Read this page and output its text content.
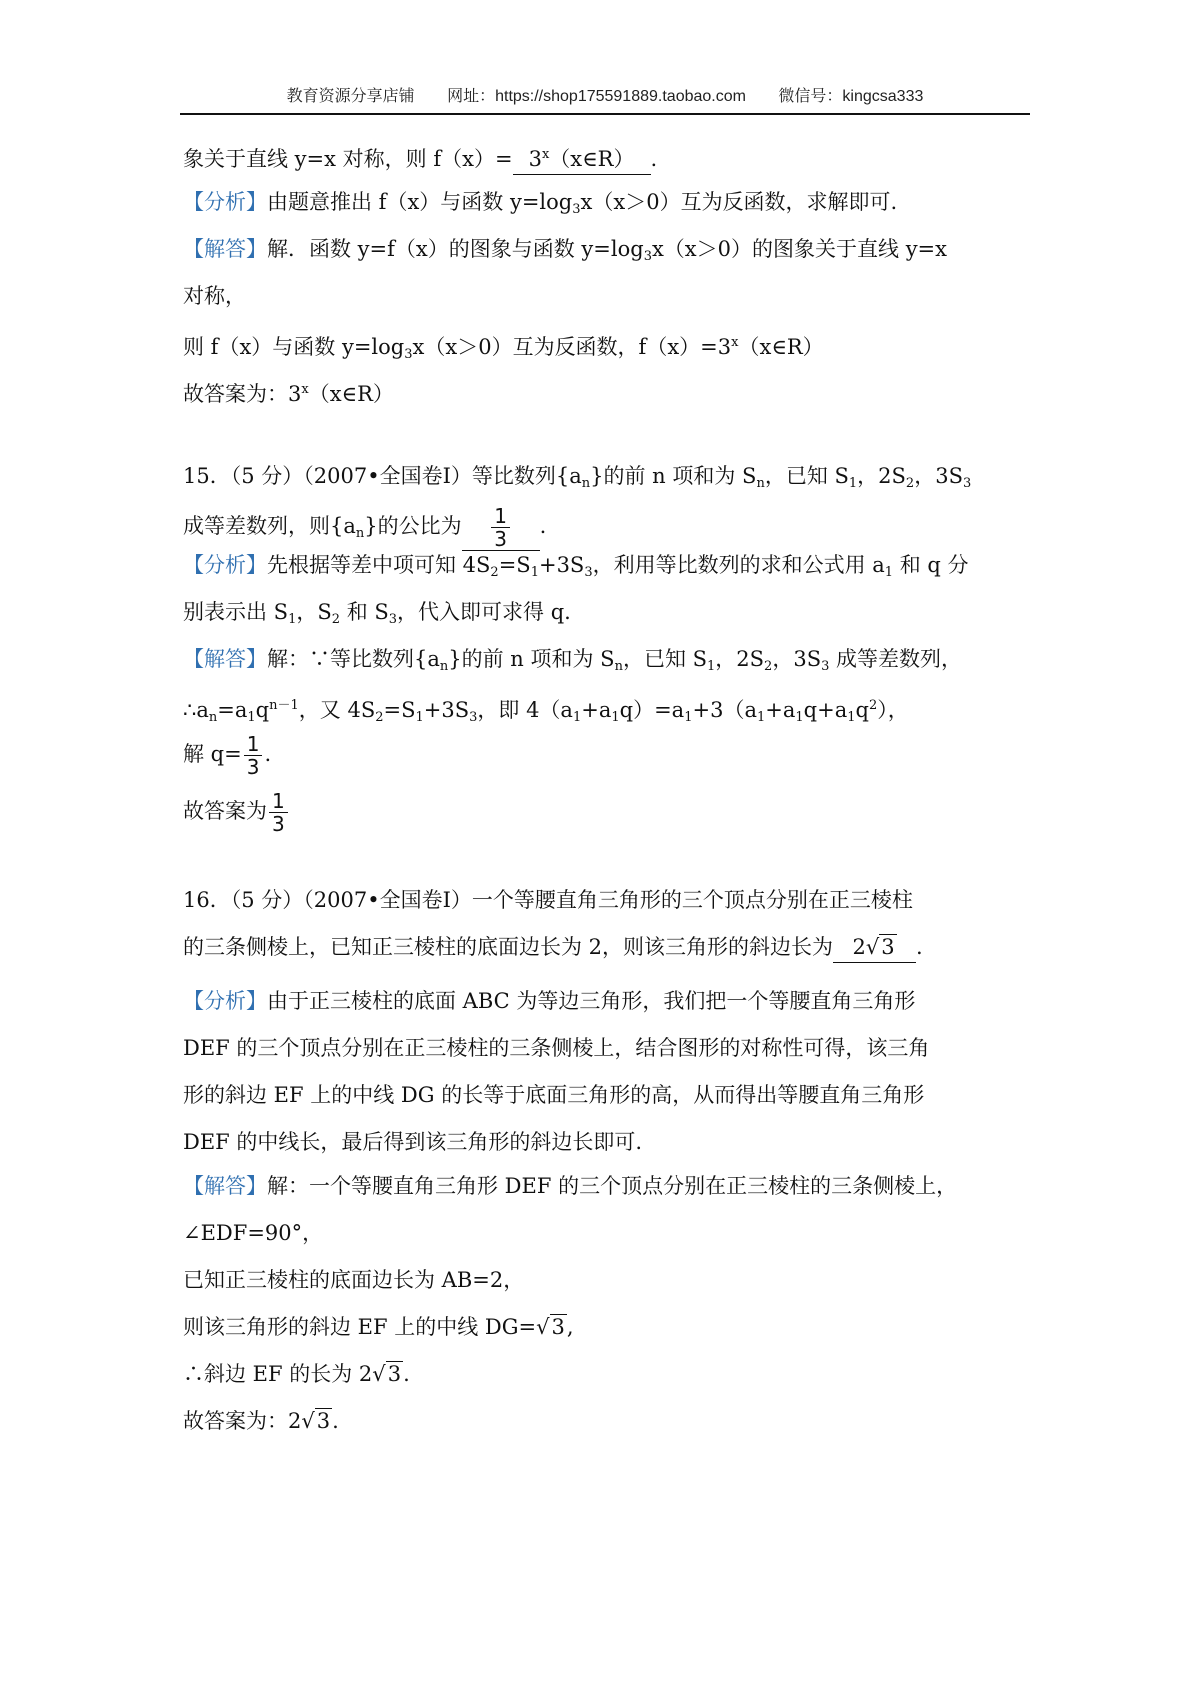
教育资源分享店铺 网址：https://shop175591889.taobao.com 微信号：kingcsa333
象关于直线 y=x 对称，则 $f(x)= 3^x(x\in R)$ .
【分析】由题意推出 f（x）与函数 $y=\log_3x(x>0)$互为反函数，求解即可.
【解答】解．函数 y=f（x）的图象与函数 $y=\log_3x(x>0)$的图象关于直线 y=x
对称，
则 f（x）与函数 $y=\log_3x(x>0)$互为反函数，$f(x)=3^x(x\in R)$
故答案为：3$^x$（x∈R）
15．（5 分）（2007•全国卷Ⅰ）等比数列$\{a_n\}$的前 n 项和为 $S_n$，已知 $S_1$，$2S_2$，$3S_3$
成等差数列，则$\{a_n\}$的公比为 $\frac{1}{3}$ .
【分析】先根据等差中项可知 $4S_2=S_1+3S_3$，利用等比数列的求和公式用 $a_1$ 和 q 分
别表示出 $S_1$，$S_2$ 和 $S_3$，代入即可求得 q.
【解答】解：∵等比数列$\{a_n\}$的前 n 项和为 $S_n$，已知 $S_1$，$2S_2$，$3S_3$ 成等差数列，
$\therefore a_n=a_1q^{n-1}$，又 $4S_2=S_1+3S_3$，即 $4(a_1+a_1q)=a_1+3(a_1+a_1q+a_1q^2)$，
解 $q= \frac{1}{3}$ .
故答案为 $\frac{1}{3}$
16．（5 分）（2007•全国卷Ⅰ）一个等腰直角三角形的三个顶点分别在正三棱柱
的三条侧棱上，已知正三棱柱的底面边长为 2，则该三角形的斜边长为 2√3 .
【分析】由于正三棱柱的底面 ABC 为等边三角形，我们把一个等腰直角三角形
DEF 的三个顶点分别在正三棱柱的三条侧棱上，结合图形的对称性可得，该三角
形的斜边 EF 上的中线 DG 的长等于底面三角形的高，从而得出等腰直角三角形
DEF 的中线长，最后得到该三角形的斜边长即可.
【解答】解：一个等腰直角三角形 DEF 的三个顶点分别在正三棱柱的三条侧棱上，
∠EDF=90°，
已知正三棱柱的底面边长为 AB=2，
则该三角形的斜边 EF 上的中线 DG=√3,
∴斜边 EF 的长为 2√3.
故答案为：2√3.
